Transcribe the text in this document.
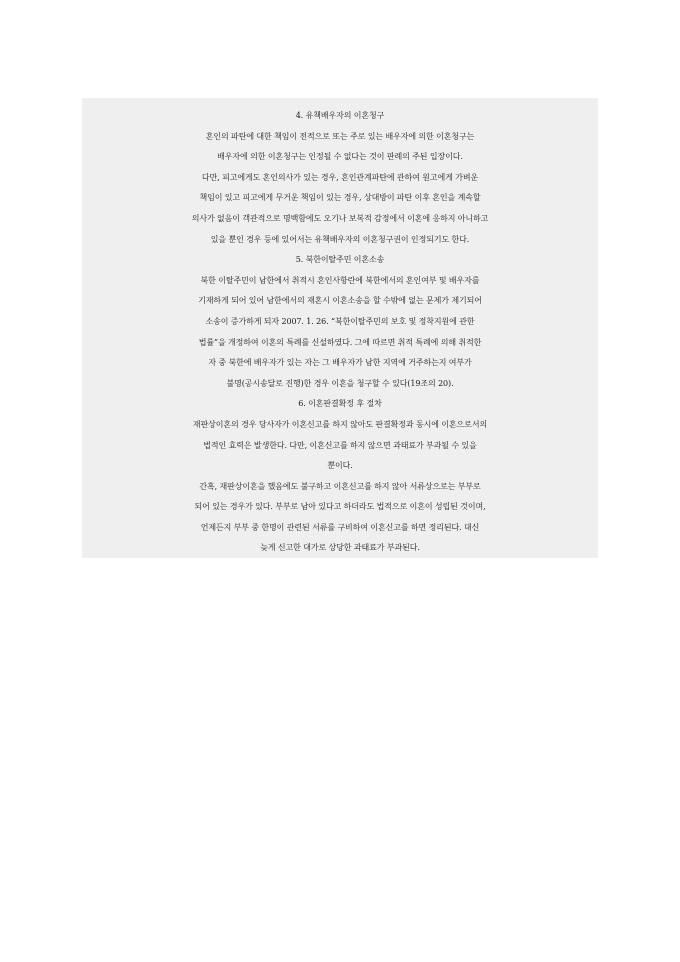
4. 유책배우자의 이혼청구
혼인의 파탄에 대한 책임이 전적으로 또는 주로 있는 배우자에 의한 이혼청구는
배우자에 의한 이혼청구는 인정될 수 없다는 것이 판례의 주된 입장이다.
다만, 피고에게도 혼인의사가 있는 경우, 혼인관계파탄에 관하여 원고에게 가벼운
책임이 있고 피고에게 무거운 책임이 있는 경우, 상대방이 파탄 이후 혼인을 계속할
의사가 없음이 객관적으로 명백함에도 오기나 보복적 감정에서 이혼에 응하지 아니하고
있을 뿐인 경우 등에 있어서는 유책배우자의 이혼청구권이 인정되기도 한다.
5. 북한이탈주민 이혼소송
북한 이탈주민이 남한에서 취적시 혼인사항란에 북한에서의 혼인여부 및 배우자를
기재하게 되어 있어 남한에서의 재혼시 이혼소송을 할 수밖에 없는 문제가 제기되어
소송이 증가하게 되자 2007. 1. 26. “북한이탈주민의 보호 및 정착지원에 관한
법률”을 개정하여 이혼의 특례를 신설하였다. 그에 따르면 취적 특례에 의해 취적한
자 중 북한에 배우자가 있는 자는 그 배우자가 남한 지역에 거주하는지 여부가
불명(공시송달로 진행)한 경우 이혼을 청구할 수 있다(19조의 20).
6. 이혼판결확정 후 절차
재판상이혼의 경우 당사자가 이혼신고를 하지 않아도 판결확정과 동시에 이혼으로서의
법적인 효력은 발생한다. 다만, 이혼신고를 하지 않으면 과태료가 부과될 수 있을
뿐이다.
간혹, 재판상이혼을 했음에도 불구하고 이혼신고를 하지 않아 서류상으로는 부부로
되어 있는 경우가 있다. 부부로 남아 있다고 하더라도 법적으로 이혼이 성립된 것이며,
언제든지 부부 중 한명이 관련된 서류를 구비하여 이혼신고를 하면 정리된다. 대신
늦게 신고한 대가로 상당한 과태료가 부과된다.
